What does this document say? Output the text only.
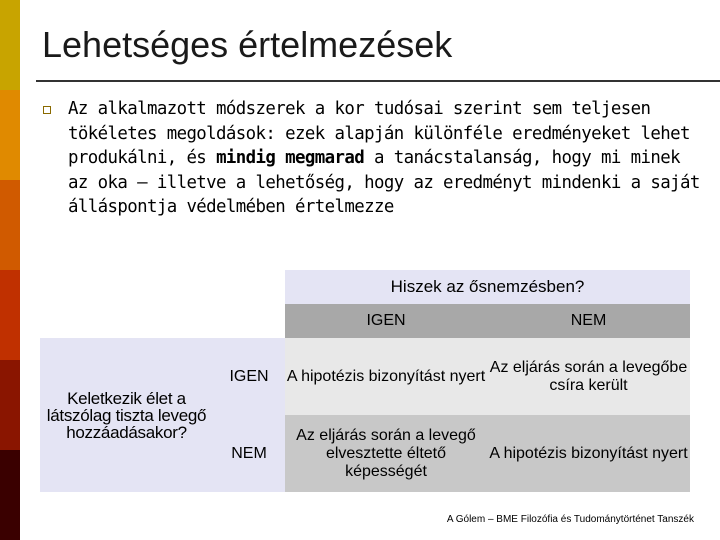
Lehetséges értelmezések
Az alkalmazott módszerek a kor tudósai szerint sem teljesen tökéletes megoldások: ezek alapján különféle eredményeket lehet produkálni, és mindig megmarad a tanácstalanság, hogy mi minek az oka – illetve a lehetőség, hogy az eredményt mindenki a saját álláspontja védelmében értelmezze
Hiszek az ősnemzésben?
IGEN	NEM
Keletkezik élet a látszólag tiszta levegő hozzáadásakor?
IGEN
NEM
A hipotézis bizonyítást nyert
Az eljárás során a levegőbe csíra került
Az eljárás során a levegő elvesztette éltető képességét
A hipotézis bizonyítást nyert
A Gólem – BME Filozófia és Tudománytörténet Tanszék
